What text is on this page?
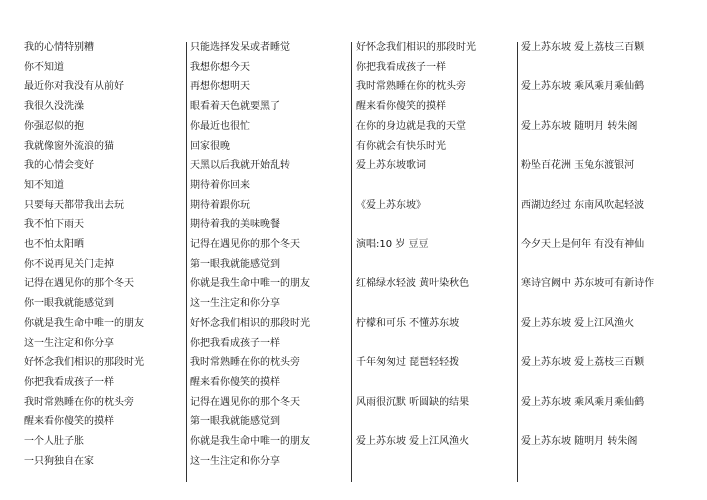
我的心情特别糟
你不知道
最近你对我没有从前好
我很久没洗澡
你强忍似的抱
我就像窗外流浪的猫
我的心情会变好
知不知道
只要每天都带我出去玩
我不怕下雨天
也不怕太阳晒
你不说再见关门走掉
记得在遇见你的那个冬天
你一眼我就能感觉到
你就是我生命中唯一的朋友
这一生注定和你分享
好怀念我们相识的那段时光
你把我看成孩子一样
我时常熟睡在你的枕头旁
醒来看你傻笑的摸样
一个人肚子胀
一只狗独自在家
只能选择发呆或者睡觉
我想你想今天
再想你想明天
眼看着天色就要黑了
你最近也很忙
回家很晚
天黑以后我就开始乱转
期待着你回来
期待着跟你玩
期待着我的美味晚餐
记得在遇见你的那个冬天
第一眼我就能感觉到
你就是我生命中唯一的朋友
这一生注定和你分享
好怀念我们相识的那段时光
你把我看成孩子一样
我时常熟睡在你的枕头旁
醒来看你傻笑的摸样
记得在遇见你的那个冬天
第一眼我就能感觉到
你就是我生命中唯一的朋友
这一生注定和你分享
好怀念我们相识的那段时光
你把我看成孩子一样
我时常熟睡在你的枕头旁
醒来看你傻笑的摸样
在你的身边就是我的天堂
有你就会有快乐时光
爱上苏东坡歌词
《爱上苏东坡》
演唱:10 岁 豆豆
红棉绿水轻波 黄叶染秋色
柠檬和可乐 不懂苏东坡
千年匆匆过 琵琶轻轻拨
风雨很沉默 听圆缺的结果
爱上苏东坡 爱上江风渔火
爱上苏东坡 爱上荔枝三百颗
爱上苏东坡 乘风乘月乘仙鹤
爱上苏东坡 随明月 转朱阁
粉坠百花洲 玉兔东渡银河
西湖边经过 东南风吹起轻波
今夕天上是何年 有没有神仙
寒诗宫阙中 苏东坡可有新诗作
爱上苏东坡 爱上江风渔火
爱上苏东坡 爱上荔枝三百颗
爱上苏东坡 乘风乘月乘仙鹤
爱上苏东坡 随明月 转朱阁
